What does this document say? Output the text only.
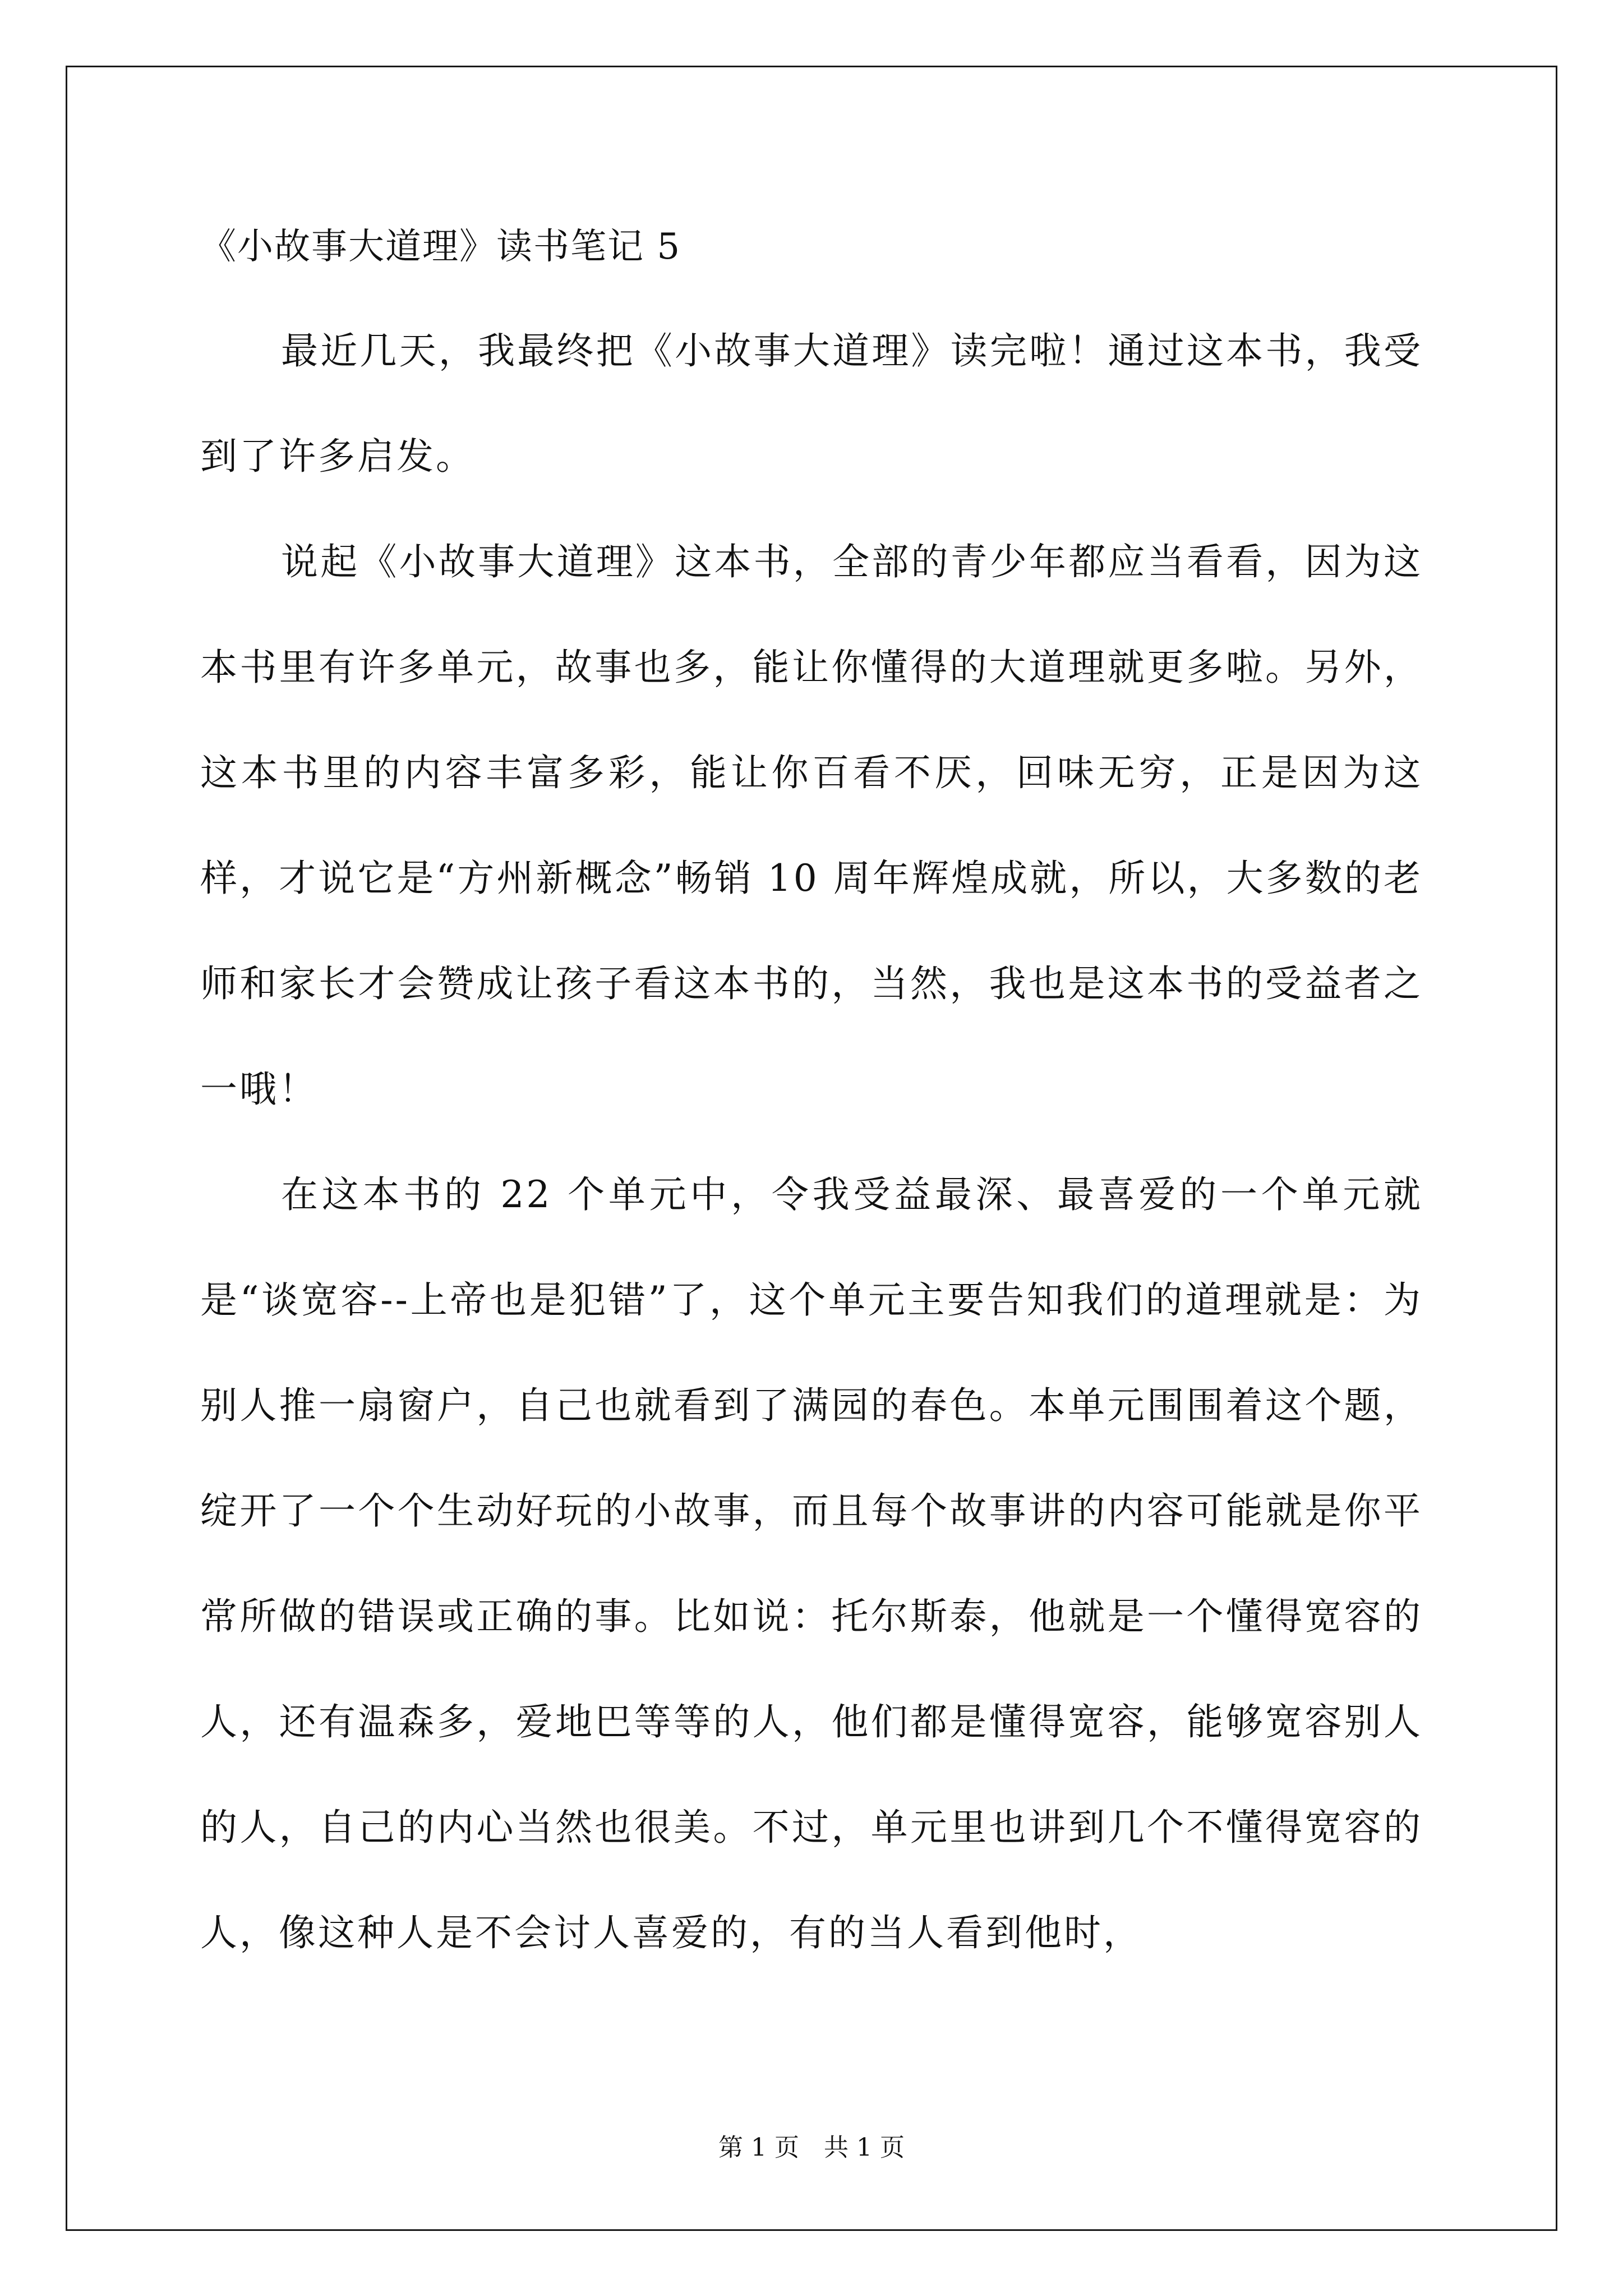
《小故事大道理》读书笔记 5

最近几天，我最终把《小故事大道理》读完啦！通过这本书，我受到了许多启发。

说起《小故事大道理》这本书，全部的青少年都应当看看，因为这本书里有许多单元，故事也多，能让你懂得的大道理就更多啦。另外，这本书里的内容丰富多彩，能让你百看不厌，回味无穷，正是因为这样，才说它是“方州新概念”畅销 10 周年辉煌成就，所以，大多数的老师和家长才会赞成让孩子看这本书的，当然，我也是这本书的受益者之一哦！

在这本书的 22 个单元中，令我受益最深、最喜爱的一个单元就是“谈宽容--上帝也是犯错”了，这个单元主要告知我们的道理就是：为别人推一扇窗户，自己也就看到了满园的春色。本单元围围着这个题，绽开了一个个生动好玩的小故事，而且每个故事讲的内容可能就是你平常所做的错误或正确的事。比如说：托尔斯泰，他就是一个懂得宽容的人，还有温森多，爱地巴等等的人，他们都是懂得宽容，能够宽容别人的人，自己的内心当然也很美。不过，单元里也讲到几个不懂得宽容的人，像这种人是不会讨人喜爱的，有的当人看到他时，

第 1 页　共 1 页
